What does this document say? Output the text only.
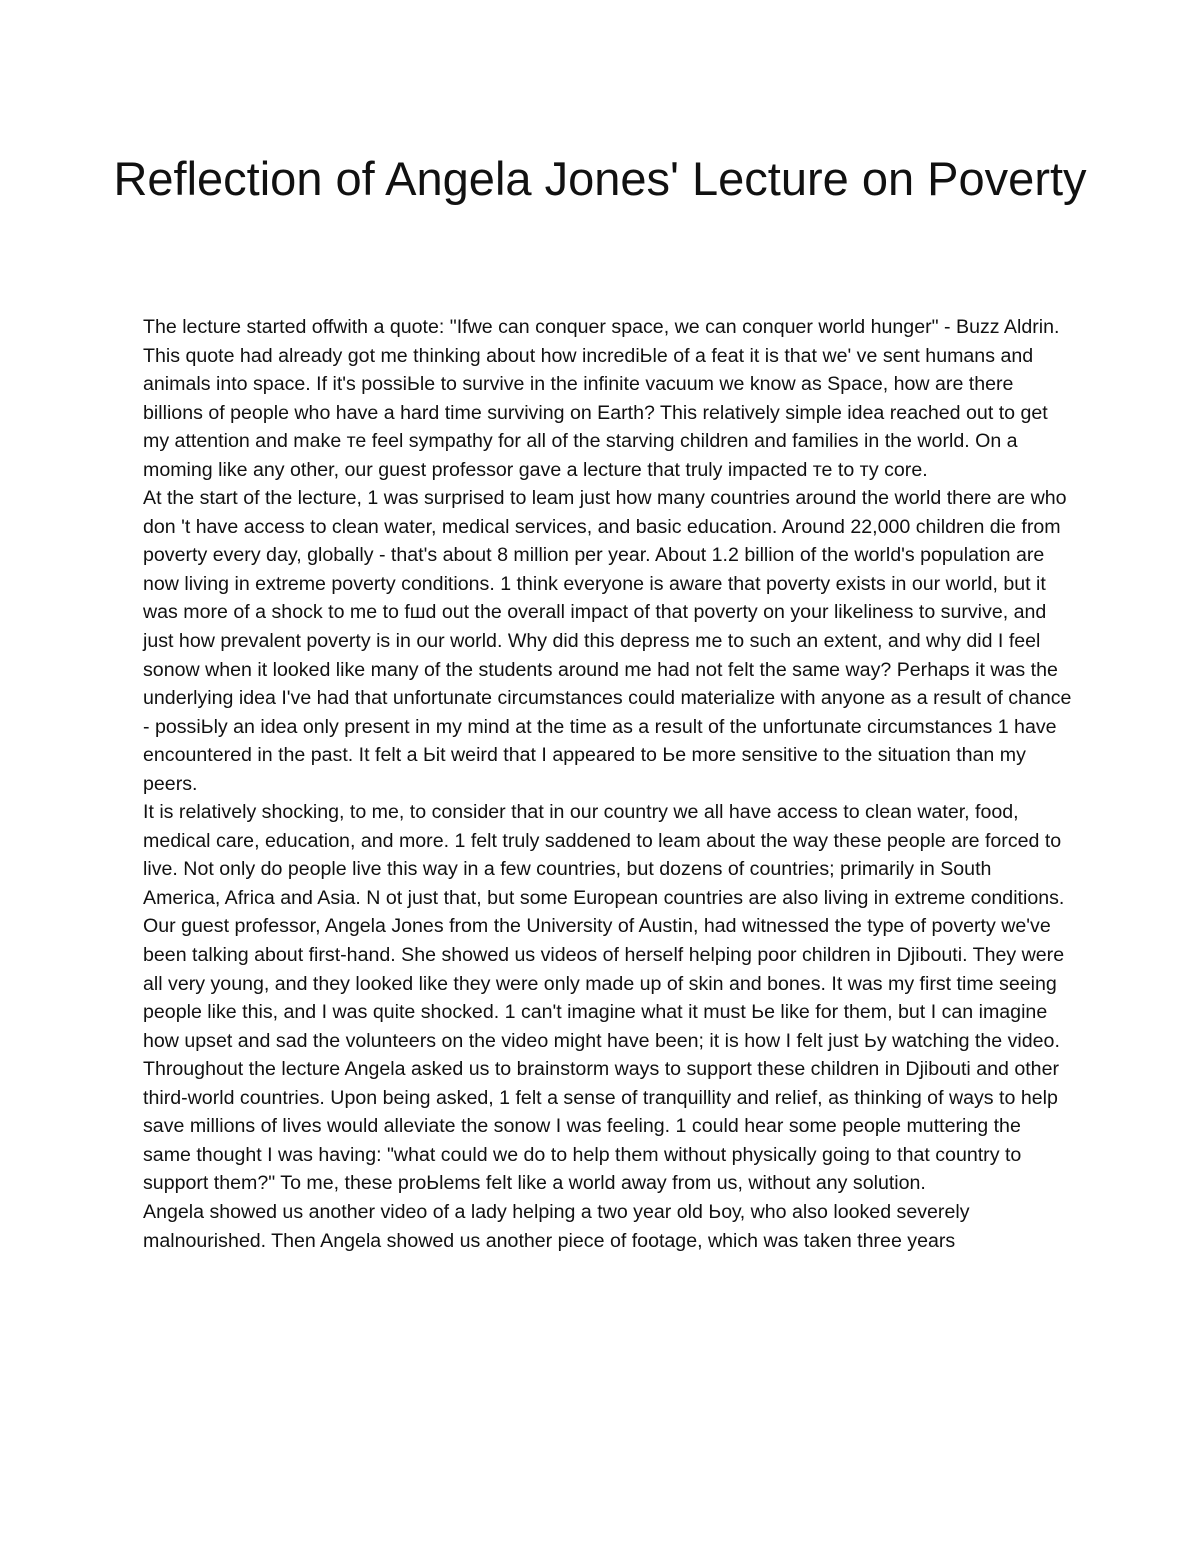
Reflection of Angela Jones' Lecture on Poverty

The lecture started offwith a quote: "Ifwe can conquer space, we can conquer world hunger" - Buzz Aldrin. This quote had already got me thinking about how incrediЬle of a feat it is that we' ve sent humans and animals into space. If it's possiЬle to survive in the infinite vacuum we know as Space, how are there billions of people who have a hard time surviving on Earth? This relatively simple idea reached out to get my attention and make те feel sympathy for all of the starving children and families in the world. On a moming like any other, our guest professor gave a lecture that truly impacted те to ту core.

At the start of the lecture, 1 was surprised to leam just how many countries around the world there are who don 't have access to clean water, medical services, and basic education. Around 22,000 children die from poverty every day, globally - that's about 8 million per year. About 1.2 billion of the world's population are now living in extreme poverty conditions. 1 think everyone is aware that poverty exists in our world, but it was more of a shock to me to fшd out the overall impact of that poverty on your likeliness to survive, and just how prevalent poverty is in our world. Why did this depress me to such an extent, and why did I feel sonow when it looked like many of the students around me had not felt the same way? Perhaps it was the underlying idea I've had that unfortunate circumstances could materialize with anyone as a result of chance - possiЬly an idea only present in my mind at the time as a result of the unfortunate circumstances 1 have encountered in the past. It felt a Ьit weird that I appeared to Ье more sensitive to the situation than my peers.

It is relatively shocking, to me, to consider that in our country we all have access to clean water, food, medical care, education, and more. 1 felt truly saddened to leam about the way these people are forced to live. Not only do people live this way in a few countries, but dozens of countries; primarily in South America, Africa and Asia. N ot just that, but some European countries are also living in extreme conditions.

Our guest professor, Angela Jones from the University of Austin, had witnessed the type of poverty we've been talking about first-hand. She showed us videos of herself helping poor children in Djibouti. They were all very young, and they looked like they were only made up of skin and bones. It was my first time seeing people like this, and I was quite shocked. 1 can't imagine what it must Ье like for them, but I can imagine how upset and sad the volunteers on the video might have been; it is how I felt just Ьу watching the video.

Throughout the lecture Angela asked us to brainstorm ways to support these children in Djibouti and other third-world countries. Upon being asked, 1 felt a sense of tranquillity and relief, as thinking of ways to help save millions of lives would alleviate the sonow I was feeling. 1 could hear some people muttering the same thought I was having: "what could we do to help them without physically going to that country to support them?" To me, these proЬlems felt like a world away from us, without any solution.

Angela showed us another video of a lady helping a two year old Ьоу, who also looked severely malnourished. Then Angela showed us another piece of footage, which was taken three years
